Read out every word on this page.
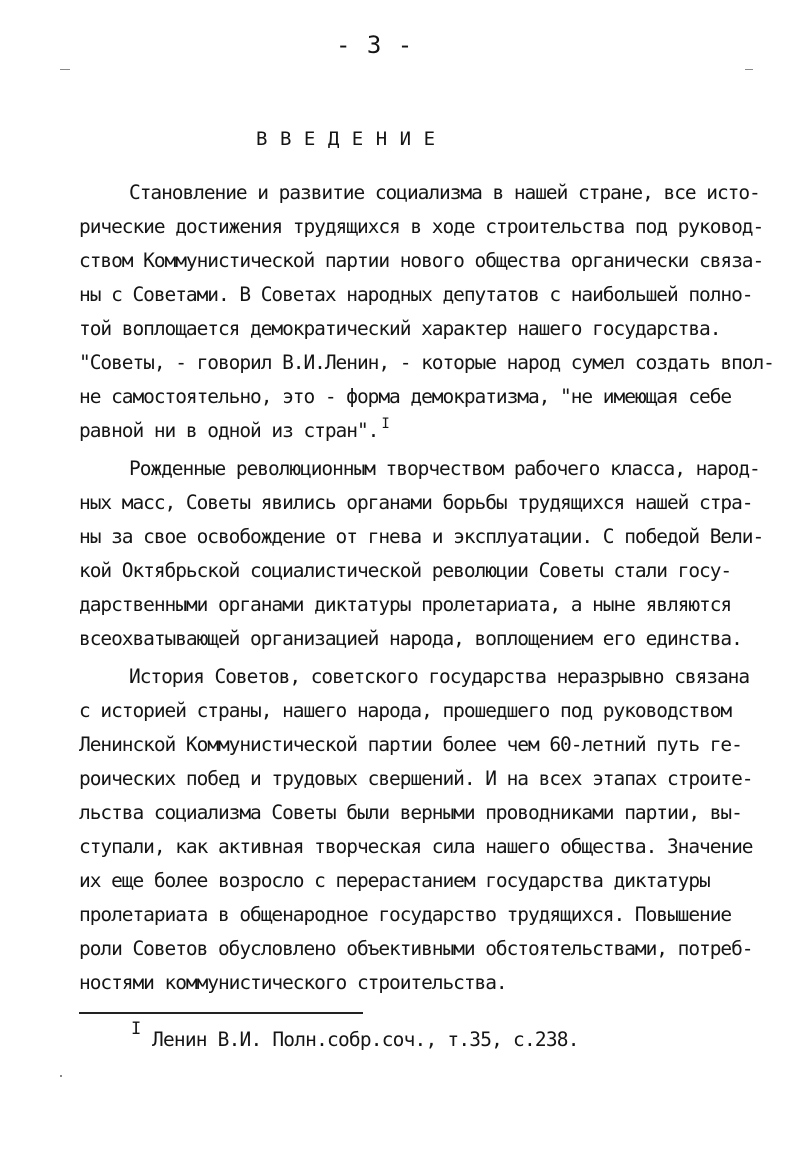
- 3 -
ВВЕДЕНИЕ
Становление и развитие социализма в нашей стране, все исто-
рические достижения трудящихся в ходе строительства под руковод-
ством Коммунистической партии нового общества органически связа-
ны с Советами. В Советах народных депутатов с наибольшей полно-
той воплощается демократический характер нашего государства.
"Советы, - говорил В.И.Ленин, - которые народ сумел создать впол-
не самостоятельно, это - форма демократизма, "не имеющая себе
равной ни в одной из стран". $^I$
Рожденные революционным творчеством рабочего класса, народ-
ных масс, Советы явились органами борьбы трудящихся нашей стра-
ны за свое освобождение от гнева и эксплуатации. С победой Вели-
кой Октябрьской социалистической революции Советы стали госу-
дарственными органами диктатуры пролетариата, а ныне являются
всеохватывающей организацией народа, воплощением его единства.
История Советов, советского государства неразрывно связана
с историей страны, нашего народа, прошедшего под руководством
Ленинской Коммунистической партии более чем 60-летний путь ге-
роических побед и трудовых свершений. И на всех этапах строите-
льства социализма Советы были верными проводниками партии, вы-
ступали, как активная творческая сила нашего общества. Значение
их еще более возросло с перерастанием государства диктатуры
пролетариата в общенародное государство трудящихся. Повышение
роли Советов обусловлено объективными обстоятельствами, потреб-
ностями коммунистического строительства.
I Ленин В.И. Полн.собр.соч., т.35, с.238.
